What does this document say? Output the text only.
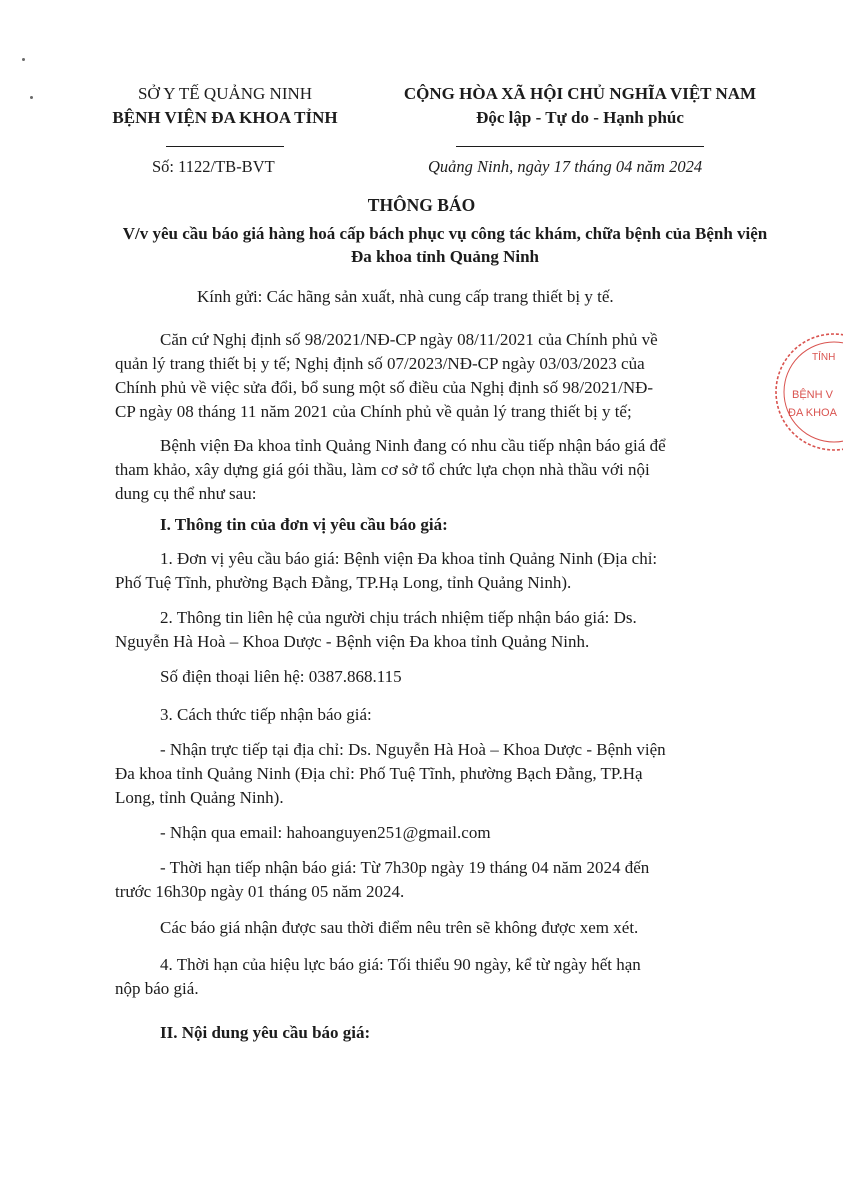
SỞ Y TẾ QUẢNG NINH
BỆNH VIỆN ĐA KHOA TỈNH
CỘNG HÒA XÃ HỘI CHỦ NGHĨA VIỆT NAM
Độc lập - Tự do - Hạnh phúc
Số: 1122/TB-BVT	Quảng Ninh, ngày 17 tháng 04 năm 2024
THÔNG BÁO
V/v yêu cầu báo giá hàng hoá cấp bách phục vụ công tác khám, chữa bệnh của Bệnh viện Đa khoa tỉnh Quảng Ninh
Kính gửi: Các hãng sản xuất, nhà cung cấp trang thiết bị y tế.
Căn cứ Nghị định số 98/2021/NĐ-CP ngày 08/11/2021 của Chính phủ về
quản lý trang thiết bị y tế; Nghị định số 07/2023/NĐ-CP ngày 03/03/2023 của
Chính phủ về việc sửa đổi, bổ sung một số điều của Nghị định số 98/2021/NĐ-
CP ngày 08 tháng 11 năm 2021 của Chính phủ về quản lý trang thiết bị y tế;
Bệnh viện Đa khoa tỉnh Quảng Ninh đang có nhu cầu tiếp nhận báo giá để
tham khảo, xây dựng giá gói thầu, làm cơ sở tổ chức lựa chọn nhà thầu với nội
dung cụ thể như sau:
I. Thông tin của đơn vị yêu cầu báo giá:
1. Đơn vị yêu cầu báo giá: Bệnh viện Đa khoa tỉnh Quảng Ninh (Địa chỉ:
Phố Tuệ Tĩnh, phường Bạch Đằng, TP.Hạ Long, tỉnh Quảng Ninh).
2. Thông tin liên hệ của người chịu trách nhiệm tiếp nhận báo giá: Ds.
Nguyễn Hà Hoà – Khoa Dược - Bệnh viện Đa khoa tỉnh Quảng Ninh.
Số điện thoại liên hệ: 0387.868.115
3. Cách thức tiếp nhận báo giá:
- Nhận trực tiếp tại địa chỉ: Ds. Nguyễn Hà Hoà – Khoa Dược - Bệnh viện
Đa khoa tỉnh Quảng Ninh (Địa chỉ: Phố Tuệ Tĩnh, phường Bạch Đằng, TP.Hạ
Long, tỉnh Quảng Ninh).
- Nhận qua email: hahoanguyen251@gmail.com
- Thời hạn tiếp nhận báo giá: Từ 7h30p ngày 19 tháng 04 năm 2024 đến
trước 16h30p ngày 01 tháng 05 năm 2024.
Các báo giá nhận được sau thời điểm nêu trên sẽ không được xem xét.
4. Thời hạn của hiệu lực báo giá: Tối thiểu 90 ngày, kể từ ngày hết hạn
nộp báo giá.
II. Nội dung yêu cầu báo giá:
TỈNH
BỆNH V
ĐA KHOA
